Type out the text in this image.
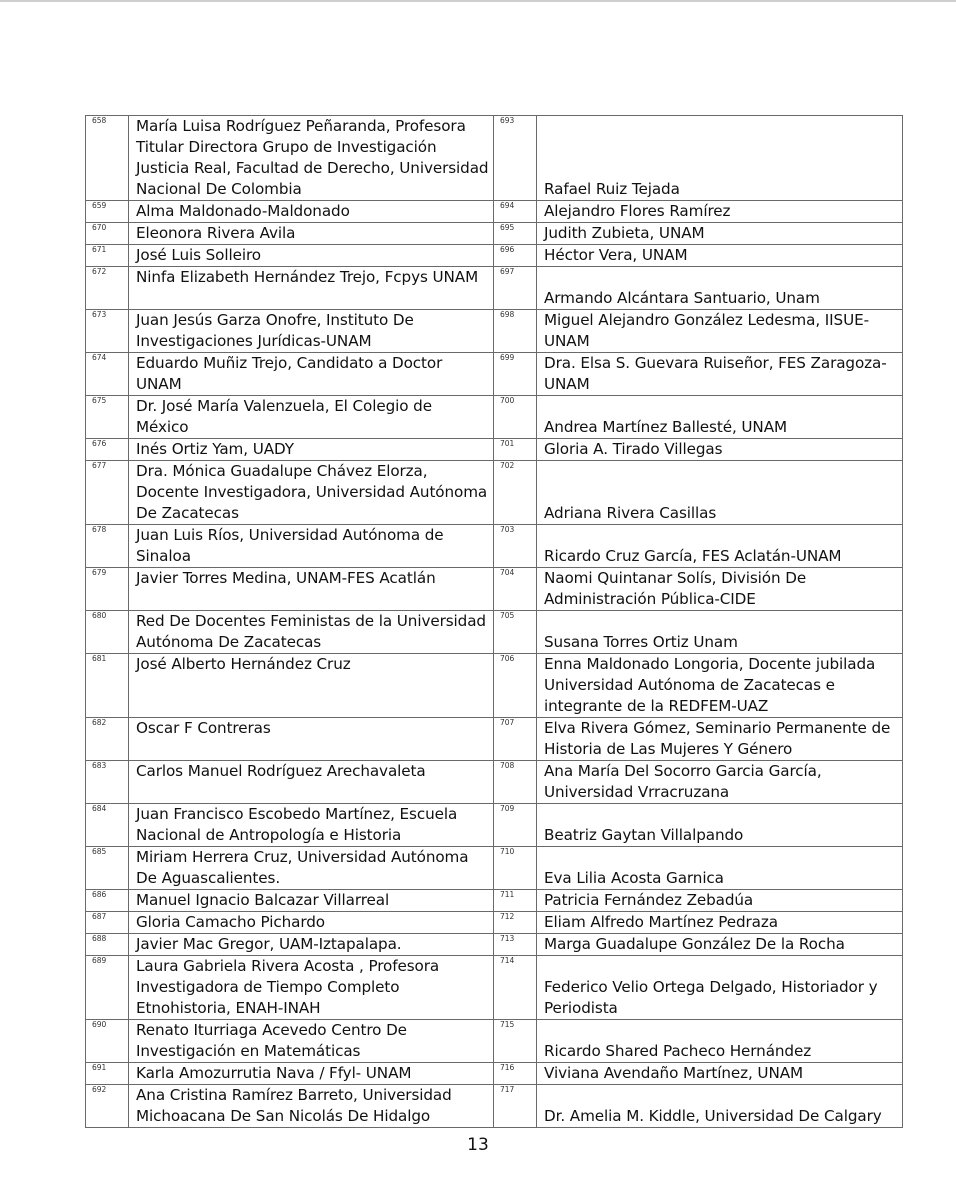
658	María Luisa Rodríguez Peñaranda, Profesora Titular Directora Grupo de Investigación Justicia Real, Facultad de Derecho, Universidad Nacional De Colombia	693	Rafael Ruiz Tejada

659	Alma Maldonado-Maldonado	694	Alejandro Flores Ramírez

670	Eleonora Rivera Avila	695	Judith Zubieta, UNAM

671	José Luis Solleiro	696	Héctor Vera, UNAM

672	Ninfa Elizabeth Hernández Trejo, Fcpys UNAM	697	Armando Alcántara Santuario, Unam

673	Juan Jesús Garza Onofre, Instituto De Investigaciones Jurídicas-UNAM	698	Miguel Alejandro González Ledesma, IISUE-UNAM

674	Eduardo Muñiz Trejo, Candidato a Doctor UNAM	699	Dra. Elsa S. Guevara Ruiseñor, FES Zaragoza-UNAM

675	Dr. José María Valenzuela, El Colegio de México	700	Andrea Martínez Ballesté, UNAM

676	Inés Ortiz Yam, UADY	701	Gloria A. Tirado Villegas

677	Dra. Mónica Guadalupe Chávez Elorza, Docente Investigadora, Universidad Autónoma De Zacatecas	702	Adriana Rivera Casillas

678	Juan Luis Ríos, Universidad Autónoma de Sinaloa	703	Ricardo Cruz García, FES Aclatán-UNAM

679	Javier Torres Medina, UNAM-FES Acatlán	704	Naomi Quintanar Solís, División De Administración Pública-CIDE

680	Red De Docentes Feministas de la Universidad Autónoma De Zacatecas	705	Susana Torres Ortiz Unam

681	José Alberto Hernández Cruz	706	Enna Maldonado Longoria, Docente jubilada Universidad Autónoma de Zacatecas e integrante de la REDFEM-UAZ

682	Oscar F Contreras	707	Elva Rivera Gómez, Seminario Permanente de Historia de Las Mujeres Y Género

683	Carlos Manuel Rodríguez Arechavaleta	708	Ana María Del Socorro Garcia García, Universidad Vrracruzana

684	Juan Francisco Escobedo Martínez, Escuela Nacional de Antropología e Historia	709	Beatriz Gaytan Villalpando

685	Miriam Herrera Cruz, Universidad Autónoma De Aguascalientes.	710	Eva Lilia Acosta Garnica

686	Manuel Ignacio Balcazar Villarreal	711	Patricia Fernández Zebadúa

687	Gloria Camacho Pichardo	712	Eliam Alfredo Martínez Pedraza

688	Javier Mac Gregor, UAM-Iztapalapa.	713	Marga Guadalupe González De la Rocha

689	Laura Gabriela Rivera Acosta , Profesora Investigadora de Tiempo Completo Etnohistoria, ENAH-INAH	714	Federico Velio Ortega Delgado, Historiador y Periodista

690	Renato Iturriaga Acevedo Centro De Investigación en Matemáticas	715	Ricardo Shared Pacheco Hernández

691	Karla Amozurrutia Nava / Ffyl- UNAM	716	Viviana Avendaño Martínez, UNAM

692	Ana Cristina Ramírez Barreto, Universidad Michoacana De San Nicolás De Hidalgo	717	Dr. Amelia M. Kiddle, Universidad De Calgary
13
